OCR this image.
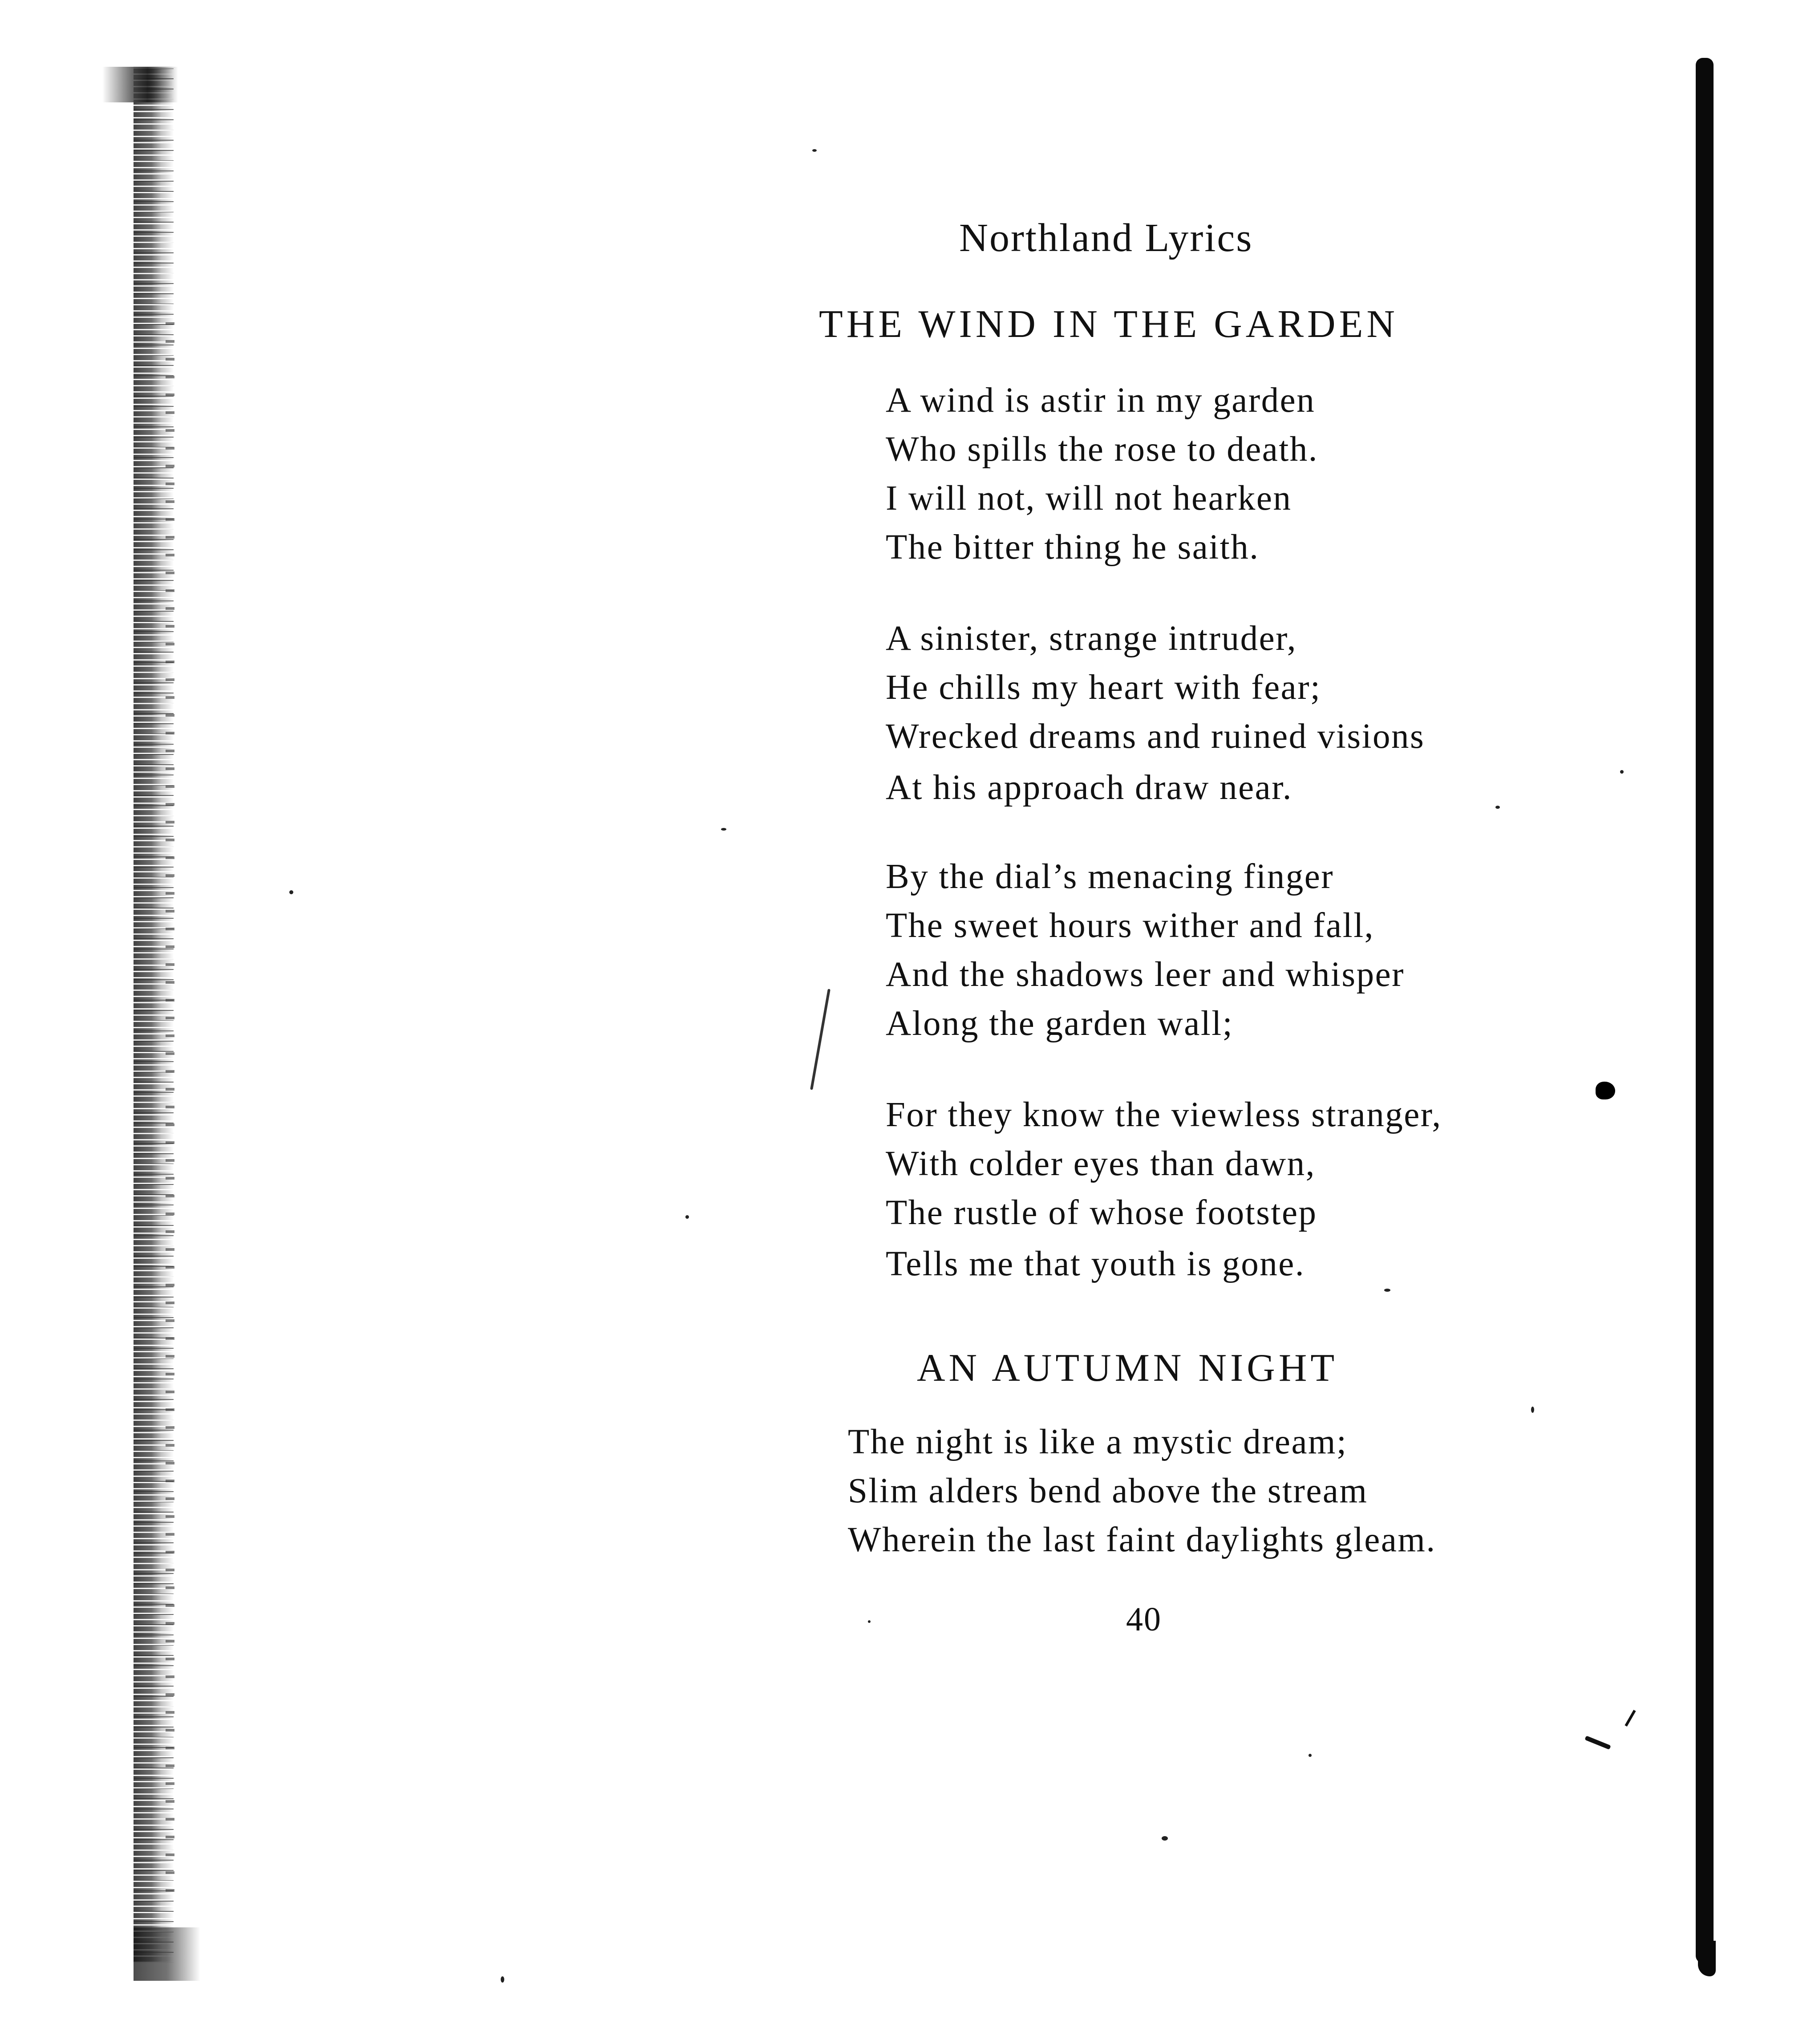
Northland Lyrics
THE WIND IN THE GARDEN
A wind is astir in my garden
Who spills the rose to death.
I will not, will not hearken
The bitter thing he saith.
A sinister, strange intruder,
He chills my heart with fear;
Wrecked dreams and ruined visions
At his approach draw near.
By the dial’s menacing finger
The sweet hours wither and fall,
And the shadows leer and whisper
Along the garden wall;
For they know the viewless stranger,
With colder eyes than dawn,
The rustle of whose footstep
Tells me that youth is gone.
AN AUTUMN NIGHT
The night is like a mystic dream;
Slim alders bend above the stream
Wherein the last faint daylights gleam.
40
